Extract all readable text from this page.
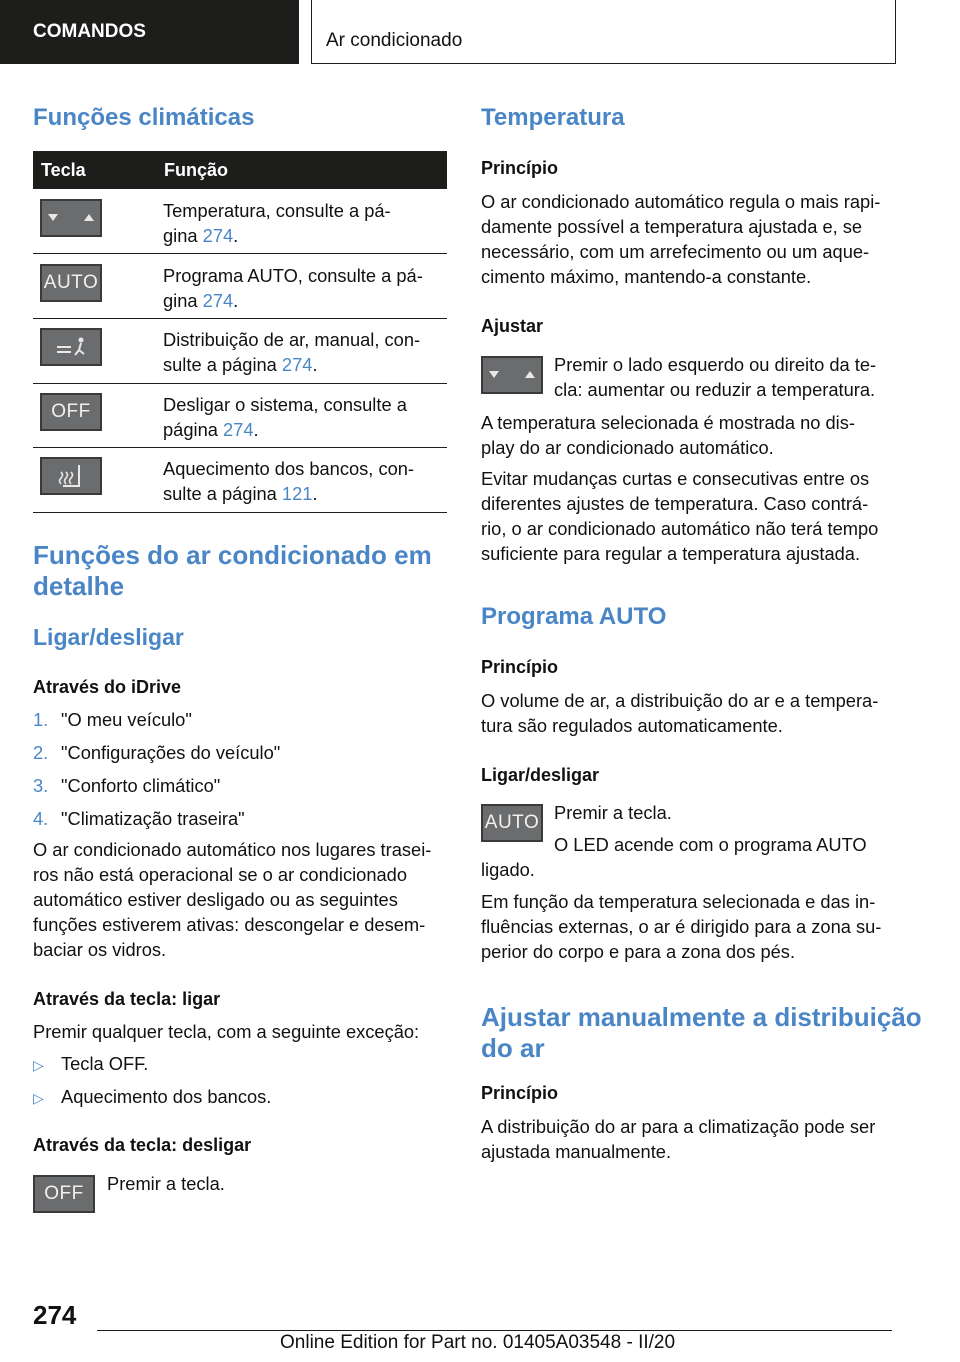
COMANDOS	Ar condicionado
Funções climáticas
Tecla	Função
Temperatura, consulte a pá-
gina 274.
AUTO	Programa AUTO, consulte a pá-
gina 274.
Distribuição de ar, manual, con-
sulte a página 274.
OFF	Desligar o sistema, consulte a
página 274.
Aquecimento dos bancos, con-
sulte a página 121.
Funções do ar condicionado em
detalhe
Ligar/desligar
Através do iDrive
1. "O meu veículo"
2. "Configurações do veículo"
3. "Conforto climático"
4. "Climatização traseira"
O ar condicionado automático nos lugares trasei-
ros não está operacional se o ar condicionado
automático estiver desligado ou as seguintes
funções estiverem ativas: descongelar e desem-
baciar os vidros.
Através da tecla: ligar
Premir qualquer tecla, com a seguinte exceção:
▷ Tecla OFF.
▷ Aquecimento dos bancos.
Através da tecla: desligar
OFF	Premir a tecla.
Temperatura
Princípio
O ar condicionado automático regula o mais rapi-
damente possível a temperatura ajustada e, se
necessário, com um arrefecimento ou um aque-
cimento máximo, mantendo-a constante.
Ajustar
Premir o lado esquerdo ou direito da te-
cla: aumentar ou reduzir a temperatura.
A temperatura selecionada é mostrada no dis-
play do ar condicionado automático.
Evitar mudanças curtas e consecutivas entre os
diferentes ajustes de temperatura. Caso contrá-
rio, o ar condicionado automático não terá tempo
suficiente para regular a temperatura ajustada.
Programa AUTO
Princípio
O volume de ar, a distribuição do ar e a tempera-
tura são regulados automaticamente.
Ligar/desligar
AUTO Premir a tecla.
O LED acende com o programa AUTO
ligado.
Em função da temperatura selecionada e das in-
fluências externas, o ar é dirigido para a zona su-
perior do corpo e para a zona dos pés.
Ajustar manualmente a distribuição
do ar
Princípio
A distribuição do ar para a climatização pode ser
ajustada manualmente.
274
Online Edition for Part no. 01405A03548 - II/20
